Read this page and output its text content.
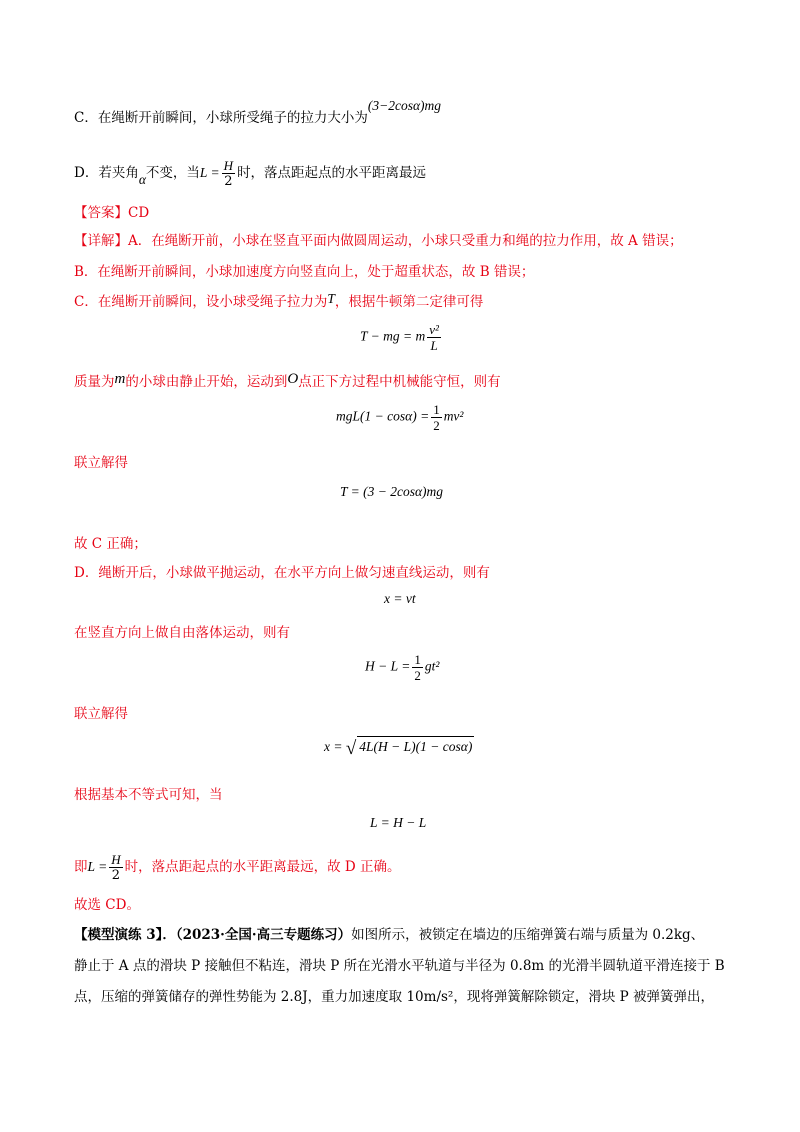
C．在绳断开前瞬间，小球所受绳子的拉力大小为(3−2cosα)mg
D．若夹角α不变，当$L = \frac{H}{2}$ 时，落点距起点的水平距离最远
【答案】CD
【详解】A．在绳断开前，小球在竖直平面内做圆周运动，小球只受重力和绳的拉力作用，故 A 错误；
B．在绳断开前瞬间，小球加速度方向竖直向上，处于超重状态，故 B 错误；
C．在绳断开前瞬间，设小球受绳子拉力为T，根据牛顿第二定律可得
T − mg = m $\frac{\text{v²}}{L}$
质量为m的小球由静止开始，运动到O点正下方过程中机械能守恒，则有
$mgL(1 - \cos\alpha) = \frac{1}{2} mv^2$
联立解得
T = (3 − 2cosα)mg
故 C 正确；
D．绳断开后，小球做平抛运动，在水平方向上做匀速直线运动，则有
x = vt
在竖直方向上做自由落体运动，则有
$H - L = \frac{1}{2} gt^2$
联立解得
x = √ 4L(H − L)(1 − cosα)
根据基本不等式可知，当
L = H − L
即$L = \frac{H}{2}$ 时，落点距起点的水平距离最远，故 D 正确。
故选 CD。
【模型演练 3】．（2023·全国·高三专题练习）如图所示，被锁定在墙边的压缩弹簧右端与质量为 0.2kg、
静止于 A 点的滑块 P 接触但不粘连，滑块 P 所在光滑水平轨道与半径为 0.8m 的光滑半圆轨道平滑连接于 B
点，压缩的弹簧储存的弹性势能为 2.8J，重力加速度取 10m/s²，现将弹簧解除锁定，滑块 P 被弹簧弹出，
